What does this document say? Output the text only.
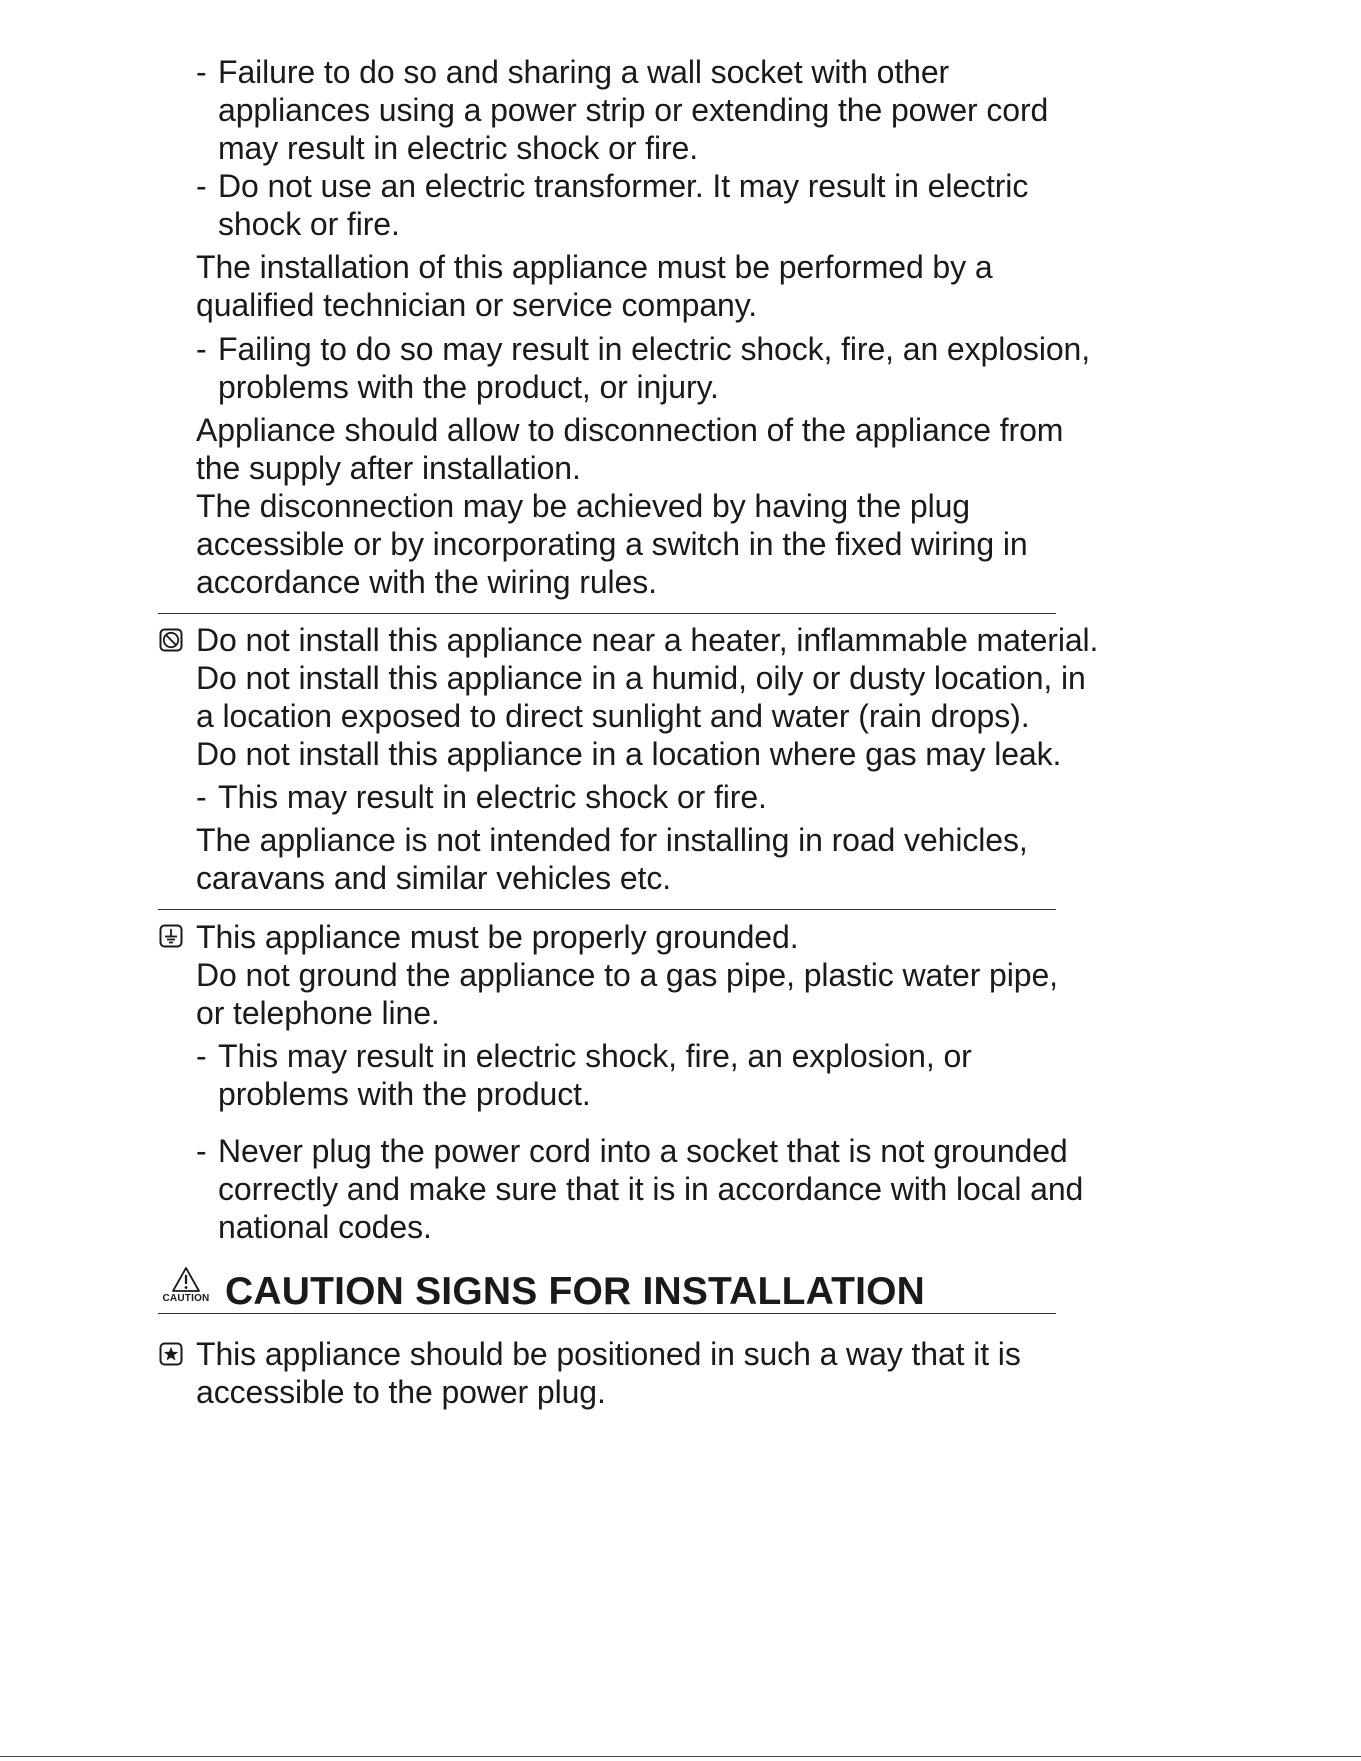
- Failure to do so and sharing a wall socket with other
appliances using a power strip or extending the power cord
may result in electric shock or fire.
- Do not use an electric transformer. It may result in electric
shock or fire.
The installation of this appliance must be performed by a
qualified technician or service company.
- Failing to do so may result in electric shock, fire, an explosion,
problems with the product, or injury.
Appliance should allow to disconnection of the appliance from
the supply after installation.
The disconnection may be achieved by having the plug
accessible or by incorporating a switch in the fixed wiring in
accordance with the wiring rules.
Do not install this appliance near a heater, inflammable material.
Do not install this appliance in a humid, oily or dusty location, in
a location exposed to direct sunlight and water (rain drops).
Do not install this appliance in a location where gas may leak.
- This may result in electric shock or fire.
The appliance is not intended for installing in road vehicles,
caravans and similar vehicles etc.
This appliance must be properly grounded.
Do not ground the appliance to a gas pipe, plastic water pipe,
or telephone line.
- This may result in electric shock, fire, an explosion, or
problems with the product.
- Never plug the power cord into a socket that is not grounded
correctly and make sure that it is in accordance with local and
national codes.
CAUTION CAUTION SIGNS FOR INSTALLATION
This appliance should be positioned in such a way that it is
accessible to the power plug.
